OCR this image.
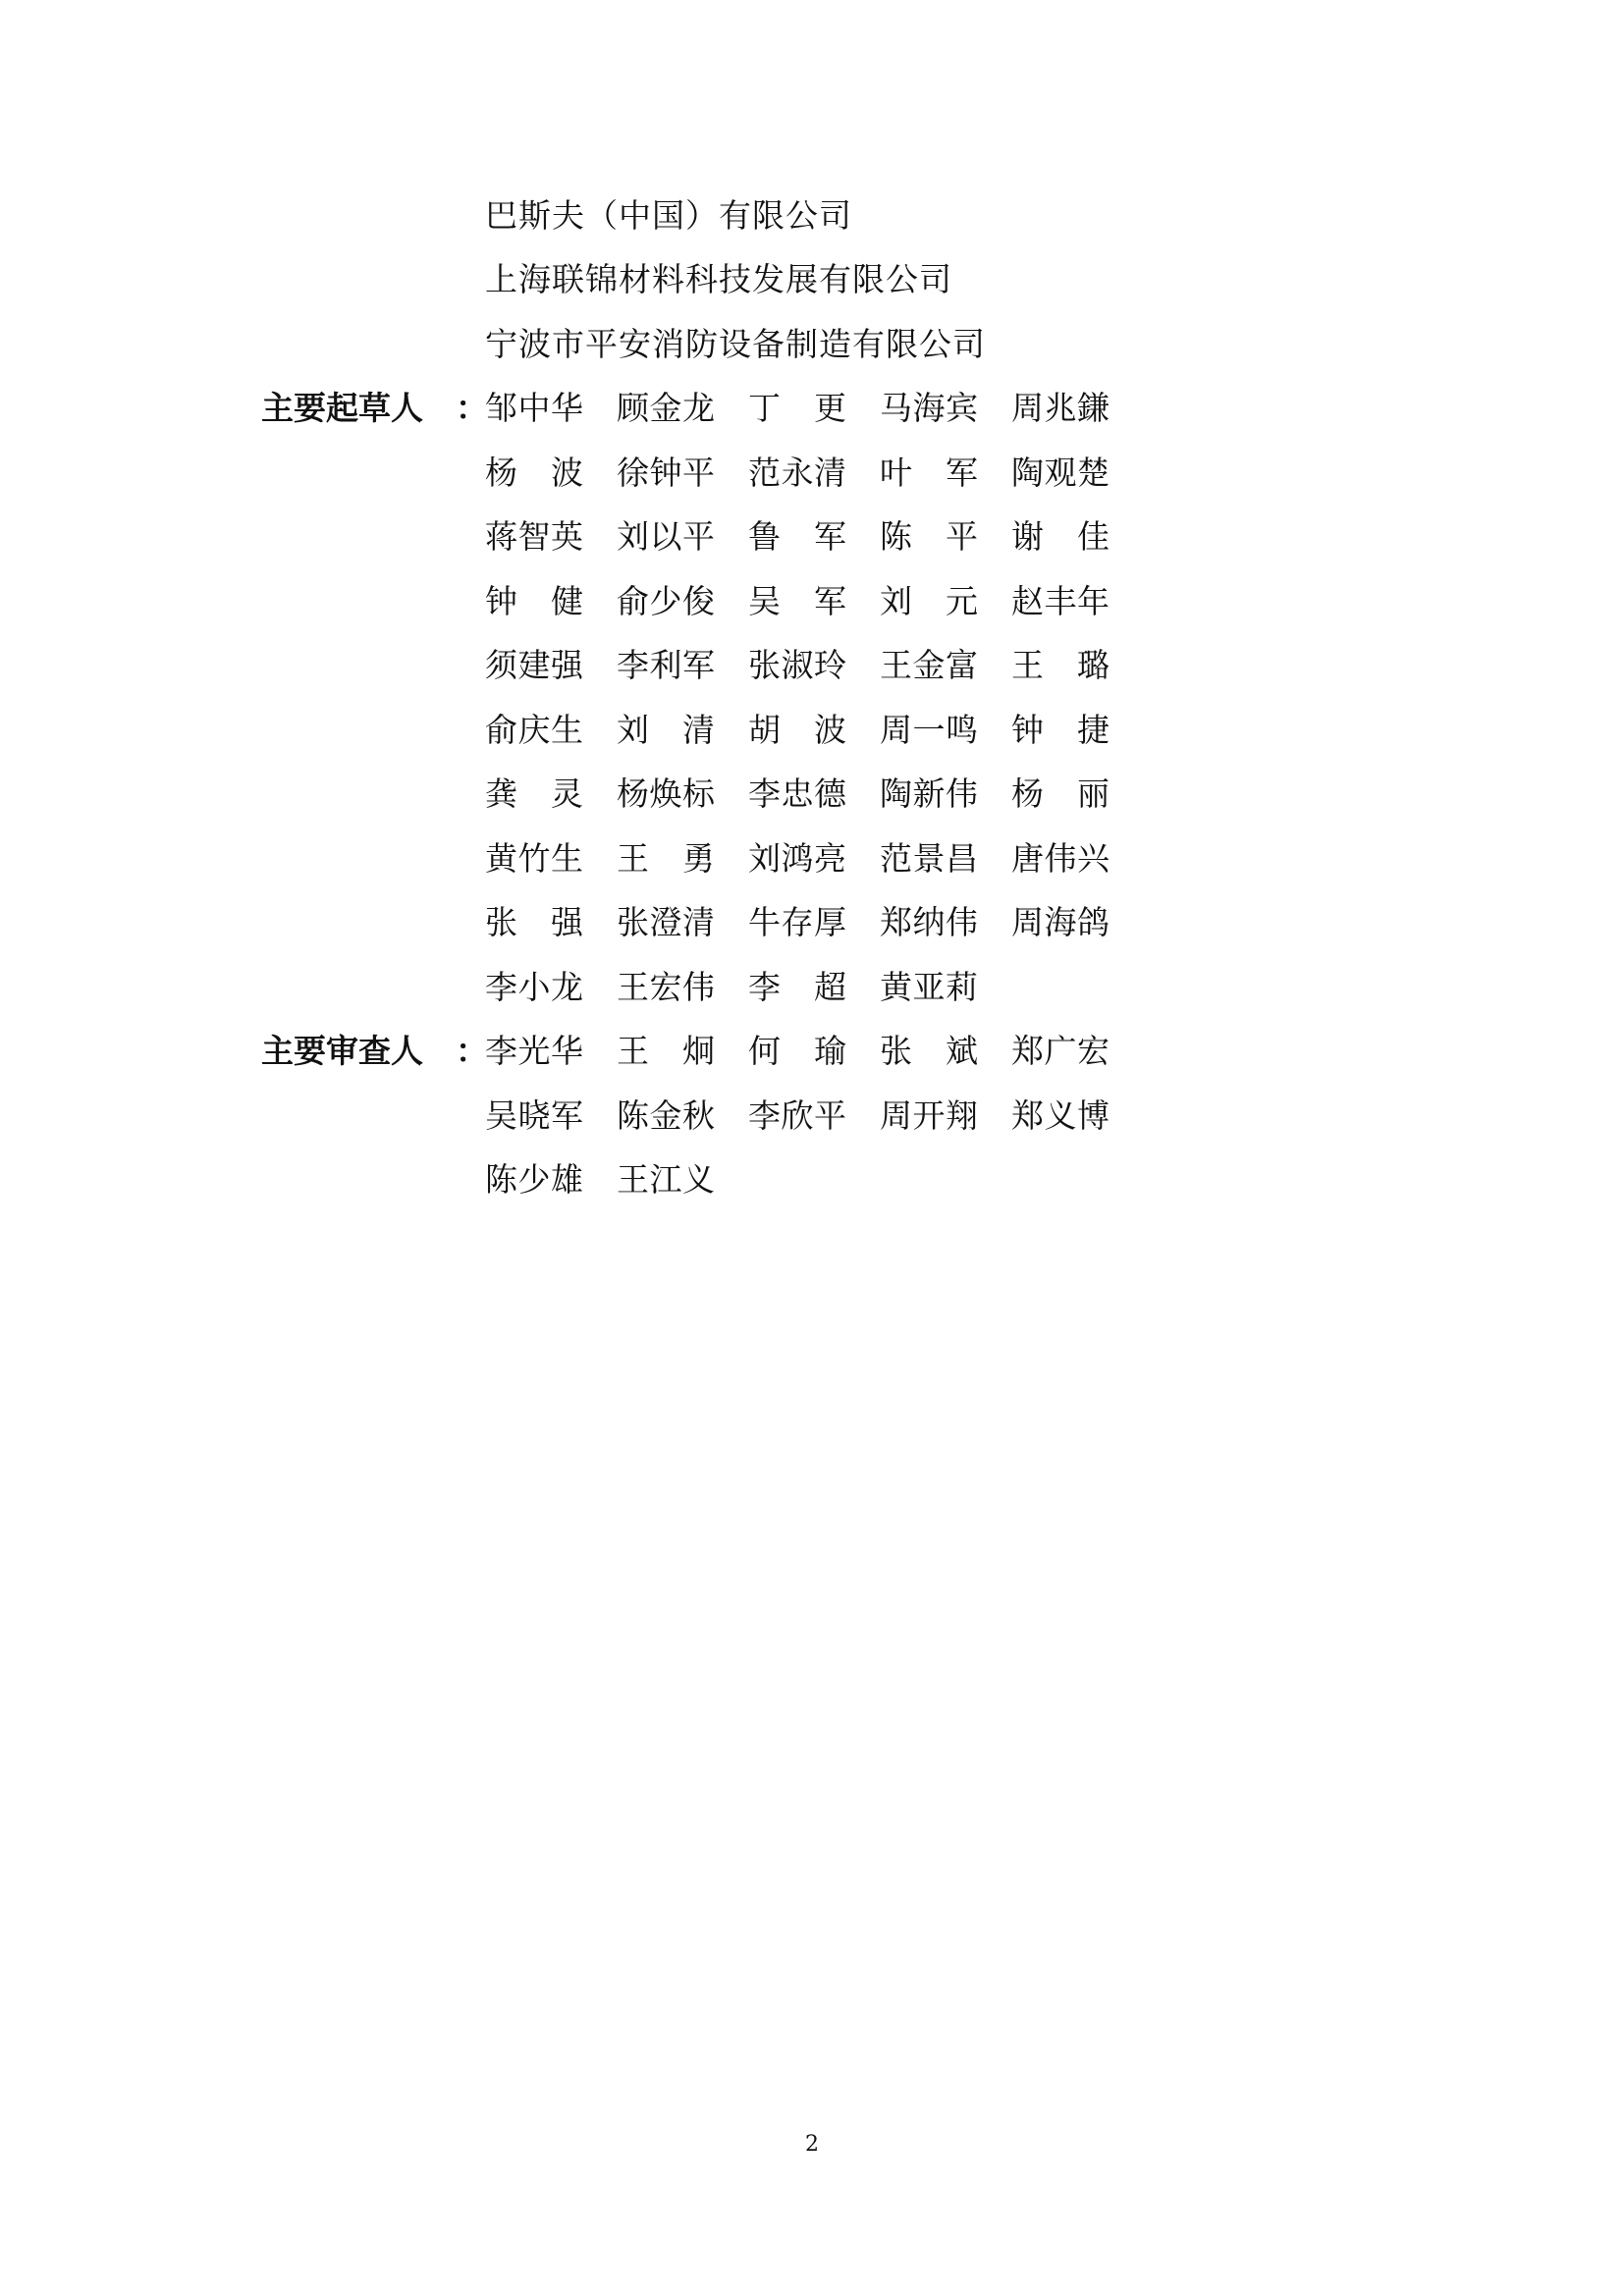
巴斯夫（中国）有限公司
上海联锦材料科技发展有限公司
宁波市平安消防设备制造有限公司
主要起草人 ：
邹 中 华 顾 金 龙 丁 更 马 海 宾 周 兆 鎌
杨 波 徐 钟 平 范 永 清 叶 军 陶 观 楚
蒋 智 英 刘 以 平 鲁 军 陈 平 谢 佳
钟 健 俞 少 俊 吴 军 刘 元 赵 丰 年
须 建 强 李 利 军 张 淑 玲 王 金 富 王 璐
俞 庆 生 刘 清 胡 波 周 一 鸣 钟 捷
龚 灵 杨 焕 标 李 忠 德 陶 新 伟 杨 丽
黄 竹 生 王 勇 刘 鸿 亮 范 景 昌 唐 伟 兴
张 强 张 澄 清 牛 存 厚 郑 纳 伟 周 海 鸽
李 小 龙 王 宏 伟 李 超 黄 亚 莉
主要审查人 ：
李 光 华 王 炯 何 瑜 张 斌 郑 广 宏
吴 晓 军 陈 金 秋 李 欣 平 周 开 翔 郑 义 博
陈 少 雄 王 江 义
2
